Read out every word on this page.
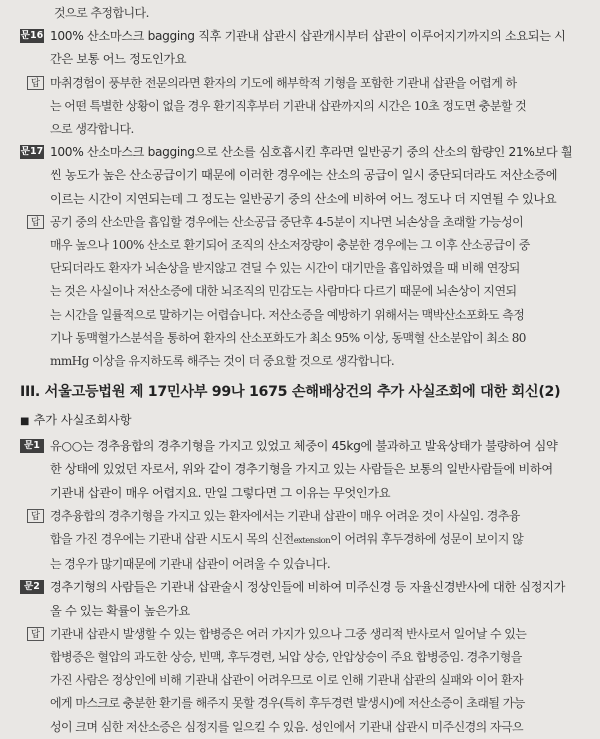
것으로 추정합니다.
문16 100% 산소마스크 bagging 직후 기관내 삽관시 삽관개시부터 삽관이 이루어지기까지의 소요되는 시
간은 보통 어느 정도인가요
답 마취경험이 풍부한 전문의라면 환자의 기도에 해부학적 기형을 포함한 기관내 삽관을 어렵게 하
는 어떤 특별한 상황이 없을 경우 환기직후부터 기관내 삽관까지의 시간은 10초 정도면 충분할 것
으로 생각합니다.
문17 100% 산소마스크 bagging으로 산소를 심호흡시킨 후라면 일반공기 중의 산소의 함량인 21%보다 훨
씬 농도가 높은 산소공급이기 때문에 이러한 경우에는 산소의 공급이 일시 중단되더라도 저산소증에
이르는 시간이 지연되는데 그 정도는 일반공기 중의 산소에 비하여 어느 정도나 더 지연될 수 있나요
답 공기 중의 산소만을 흡입할 경우에는 산소공급 중단후 4-5분이 지나면 뇌손상을 초래할 가능성이
매우 높으나 100% 산소로 환기되어 조직의 산소저장량이 충분한 경우에는 그 이후 산소공급이 중
단되더라도 환자가 뇌손상을 받지않고 견딜 수 있는 시간이 대기만을 흡입하였을 때 비해 연장되
는 것은 사실이나 저산소증에 대한 뇌조직의 민감도는 사람마다 다르기 때문에 뇌손상이 지연되
는 시간을 일률적으로 말하기는 어렵습니다. 저산소증을 예방하기 위해서는 맥박산소포화도 측정
기나 동맥혈가스분석을 통하여 환자의 산소포화도가 최소 95% 이상, 동맥혈 산소분압이 최소 80
mmHg 이상을 유지하도록 해주는 것이 더 중요할 것으로 생각합니다.
III. 서울고등법원 제 17민사부 99나 1675 손해배상건의 추가 사실조회에 대한 회신(2)
■ 추가 사실조회사항
문1 유○○는 경추융합의 경추기형을 가지고 있었고 체중이 45kg에 불과하고 발육상태가 불량하여 심약
한 상태에 있었던 자로서, 위와 같이 경추기형을 가지고 있는 사람들은 보통의 일반사람들에 비하여
기관내 삽관이 매우 어렵지요. 만일 그렇다면 그 이유는 무엇인가요
답 경추융합의 경추기형을 가지고 있는 환자에서는 기관내 삽관이 매우 어려운 것이 사실임. 경추융
합을 가진 경우에는 기관내 삽관 시도시 목의 신전extension이 어려워 후두경하에 성문이 보이지 않
는 경우가 많기때문에 기관내 삽관이 어려울 수 있습니다.
문2 경추기형의 사람들은 기관내 삽관술시 정상인들에 비하여 미주신경 등 자율신경반사에 대한 심정지가
올 수 있는 확률이 높은가요
답 기관내 삽관시 발생할 수 있는 합병증은 여러 가지가 있으나 그중 생리적 반사로서 일어날 수 있는
합병증은 혈압의 과도한 상승, 빈맥, 후두경련, 뇌압 상승, 안압상승이 주요 합병증임. 경추기형을
가진 사람은 정상인에 비해 기관내 삽관이 어려우므로 이로 인해 기관내 삽관의 실패와 이어 환자
에게 마스크로 충분한 환기를 해주지 못할 경우(특히 후두경련 발생시)에 저산소증이 초래될 가능
성이 크며 심한 저산소증은 심정지를 일으킬 수 있음. 성인에서 기관내 삽관시 미주신경의 자극으
